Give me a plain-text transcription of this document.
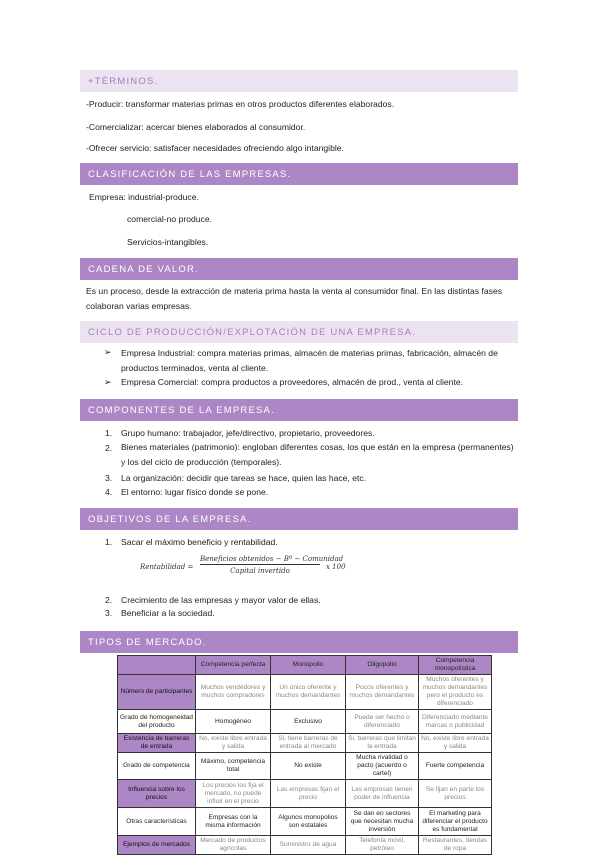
+TÉRMINOS.
-Producir: transformar materias primas en otros productos diferentes elaborados.
-Comercializar: acercar bienes elaborados al consumidor.
-Ofrecer servicio: satisfacer necesidades ofreciendo algo intangible.
CLASIFICACIÓN DE LAS EMPRESAS.
Empresa: industrial-produce.
comercial-no produce.
Servicios-intangibles.
CADENA DE VALOR.
Es un proceso, desde la extracción de materia prima hasta la venta al consumidor final. En las distintas fases colaboran varias empresas.
CICLO DE PRODUCCIÓN/EXPLOTACIÓN DE UNA EMPRESA.
➢ Empresa Industrial: compra materias primas, almacén de materias primas, fabricación, almacén de productos terminados, venta al cliente.
➢ Empresa Comercial: compra productos a proveedores, almacén de prod., venta al cliente.
COMPONENTES DE LA EMPRESA.
1. Grupo humano: trabajador, jefe/directivo, propietario, proveedores.
2. Bienes materiales (patrimonio): engloban diferentes cosas, los que están en la empresa (permanentes) y los del ciclo de producción (temporales).
3. La organización: decidir que tareas se hace, quien las hace, etc.
4. El entorno: lugar físico donde se pone.
OBJETIVOS DE LA EMPRESA.
1. Sacar el máximo beneficio y rentabilidad.
Rentabilidad =
Beneficios obtenidos − Bº − Comunidad
Capital invertido	x 100
2. Crecimiento de las empresas y mayor valor de ellas.
3. Beneficiar a la sociedad.
TIPOS DE MERCADO.
	Competencia perfecta	Monopolio	Oligopolio	Competencia monopolística
Número de participantes	Muchos vendedores y muchos compradores	Un único oferente y muchos demandantes	Pocos oferentes y muchos demandantes	Muchos oferentes y muchos demandantes pero el producto es diferenciado
Grado de homogeneidad del producto	Homogéneo	Exclusivo	Puede ser hecho o diferenciado	Diferenciado mediante marcas o publicidad
Existencia de barreras de entrada	No, existe libre entrada y salida	Si, tiene barreras de entrada al mercado	Si, barreras que limitan la entrada	No, existe libre entrada y salida
Grado de competencia	Máximo, competencia total	No existe	Mucha rivalidad o pacto (acuerdo o cartel)	Fuerte competencia
Influencia sobre los precios	Los precios los fija el mercado, no puede influir en el precio	Las empresas fijan el precio	Las empresas tienen poder de influencia	Se fijan en parte los precios
Otras características	Empresas con la misma información	Algunos monopolios son estatales	Se dan en sectores que necesitan mucha inversión	El marketing para diferenciar el producto es fundamental
Ejemplos de mercados	Mercado de productos agrícolas	Suministro de agua	Telefonía móvil, petróleo	Restaurantes, tiendas de ropa
